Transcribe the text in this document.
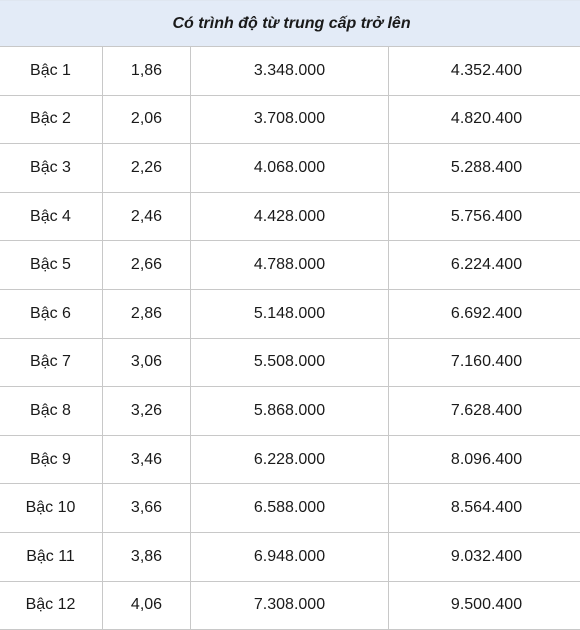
Có trình độ từ trung cấp trở lên			
Bậc 1	1,86	3.348.000	4.352.400
Bậc 2	2,06	3.708.000	4.820.400
Bậc 3	2,26	4.068.000	5.288.400
Bậc 4	2,46	4.428.000	5.756.400
Bậc 5	2,66	4.788.000	6.224.400
Bậc 6	2,86	5.148.000	6.692.400
Bậc 7	3,06	5.508.000	7.160.400
Bậc 8	3,26	5.868.000	7.628.400
Bậc 9	3,46	6.228.000	8.096.400
Bậc 10	3,66	6.588.000	8.564.400
Bậc 11	3,86	6.948.000	9.032.400
Bậc 12	4,06	7.308.000	9.500.400
